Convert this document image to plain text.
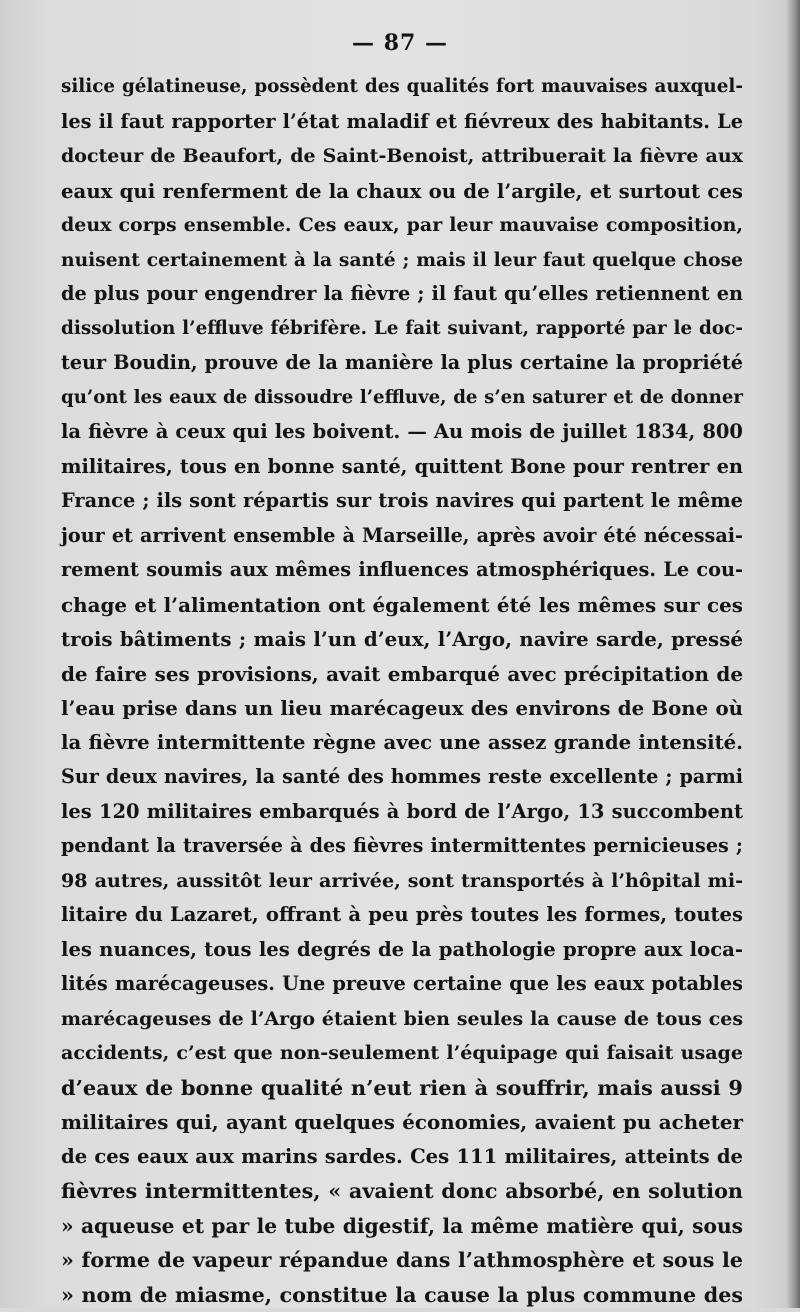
— 87 —
silice gélatineuse, possèdent des qualités fort mauvaises auxquel-
les il faut rapporter l’état maladif et fiévreux des habitants. Le
docteur de Beaufort, de Saint-Benoist, attribuerait la fièvre aux
eaux qui renferment de la chaux ou de l’argile, et surtout ces
deux corps ensemble. Ces eaux, par leur mauvaise composition,
nuisent certainement à la santé ; mais il leur faut quelque chose
de plus pour engendrer la fièvre ; il faut qu’elles retiennent en
dissolution l’effluve fébrifère. Le fait suivant, rapporté par le doc-
teur Boudin, prouve de la manière la plus certaine la propriété
qu’ont les eaux de dissoudre l’effluve, de s’en saturer et de donner
la fièvre à ceux qui les boivent. — Au mois de juillet 1834, 800
militaires, tous en bonne santé, quittent Bone pour rentrer en
France ; ils sont répartis sur trois navires qui partent le même
jour et arrivent ensemble à Marseille, après avoir été nécessai-
rement soumis aux mêmes influences atmosphériques. Le cou-
chage et l’alimentation ont également été les mêmes sur ces
trois bâtiments ; mais l’un d’eux, l’Argo, navire sarde, pressé
de faire ses provisions, avait embarqué avec précipitation de
l’eau prise dans un lieu marécageux des environs de Bone où
la fièvre intermittente règne avec une assez grande intensité.
Sur deux navires, la santé des hommes reste excellente ; parmi
les 120 militaires embarqués à bord de l’Argo, 13 succombent
pendant la traversée à des fièvres intermittentes pernicieuses ;
98 autres, aussitôt leur arrivée, sont transportés à l’hôpital mi-
litaire du Lazaret, offrant à peu près toutes les formes, toutes
les nuances, tous les degrés de la pathologie propre aux loca-
lités marécageuses. Une preuve certaine que les eaux potables
marécageuses de l’Argo étaient bien seules la cause de tous ces
accidents, c’est que non-seulement l’équipage qui faisait usage
d’eaux de bonne qualité n’eut rien à souffrir, mais aussi 9
militaires qui, ayant quelques économies, avaient pu acheter
de ces eaux aux marins sardes. Ces 111 militaires, atteints de
fièvres intermittentes, « avaient donc absorbé, en solution
» aqueuse et par le tube digestif, la même matière qui, sous
» forme de vapeur répandue dans l’athmosphère et sous le
» nom de miasme, constitue la cause la plus commune des
